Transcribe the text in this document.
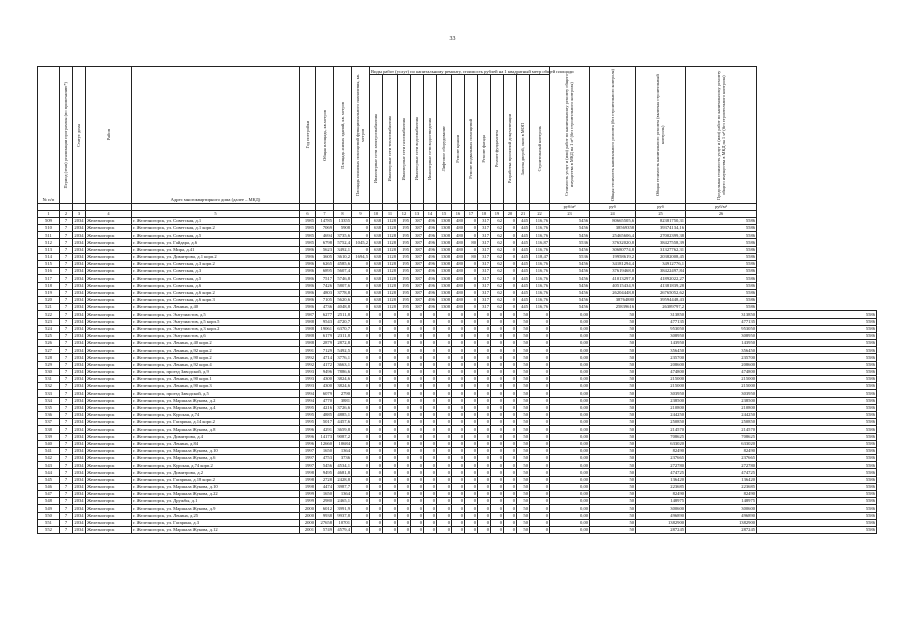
33
№ п/п	Период (этап) реализации программы (по примечанию*)	Статус дома	Район	Адрес многоквартирного дома (далее – МКД)	Год постройки	Общая площадь, кв.метров	Площадь жилых зданий, кв. метров	Площадь нежилых помещений функционального назначения, кв. метров	Виды работ (услуг) по капитальному ремонту, стоимость рублей на 1 квадратный метр общей площади													Стоимость услуг и (или) работ по капитальному ремонту общего имущества в МКД на 1 м² (без строительного контроля)	Общая стоимость капитального ремонта (без строительного контроля)	Общая стоимость капитального ремонта (включая строительный контроль)	Предельная стоимость услуг и (или) работ по капитальному ремонту общего имущества в МКД на 1 м² (без строительного контроля)	

									Инженерные сети электроснабжения	Инженерные сети теплоснабжения	Инженерные сети газоснабжения	Инженерные сети водоснабжения	Инженерные сети водоотведения	Лифтовое оборудование	Ремонт крыши	Ремонт подвальных помещений	Ремонт фасада	Ремонт фундамента	Разработка проектной документации	Замена дверей, окон в МОП	Строительный контроль					

																						руб/м²	руб	руб	руб/м²	
1	2	3	4	5	6	7	8	9	10	11	12	13	14	15	16	17	18	19	20	21	22	23	24	25	26	
509	7	2034	Железногорск	г. Железногорск, ул. Советская, д.1	1985	14785	13355	0	638	1128	195	387	496	1308	480	0	317	62	0	445	116,76	5456	80665505,6	82381750,31	5586	
510	7	2034	Железногорск	г. Железногорск, ул. Советская, д.1 корп.2	1985	7069	5908	0	638	1128	195	387	496	1308	480	0	317	62	0	445	116,76	5456	38569358	39374134,16	5586	
511	7	2034	Железногорск	г. Железногорск, ул. Советская, д.5	1985	4694	3735,6	0	638	1128	195	387	496	1308	480	0	317	62	0	445	116,76	5456	25465606,4	27002399,38	5586	
512	7	2034	Железногорск	г. Железногорск, ул. Гайдара, д.6	1985	6798	5752,4	1045,2	638	1128	195	387	496	1308	480	80	317	62	0	445	116,87	5536	37632020,8	38427558,39	5586	
513	7	2034	Железногорск	г. Железногорск, ул. Мира, д.41	1986	5623	3492,1	0	638	1128	195	387	496	1308	480	0	317	62	0	445	116,76	5456	30680774,8	31327762,31	5586	
514	7	2034	Железногорск	г. Железногорск, ул. Димитрова, д.1 корп.2	1986	3605	3610,2	1694,5	638	1128	195	387	496	1308	480	80	317	62	0	445	118,47	5536	19958619,2	20382008,45	5586	
515	7	2034	Железногорск	г. Железногорск, ул. Советская, д.3 корп.2	1986	6265	4585,6	0	638	1128	195	387	496	1308	480	0	317	62	0	445	116,76	5456	34181294,4	34912776,1	5586	
516	7	2034	Железногорск	г. Железногорск, ул. Советская, д.3	1986	6895	5607,4	0	638	1128	195	387	496	1308	480	0	317	62	0	445	116,76	5456	37619468,8	38422497,84	5586	
517	7	2034	Железногорск	г. Железногорск, ул. Советская, д.5	1986	7517	5746,8	0	638	1128	195	387	496	1308	480	0	317	62	0	445	116,76	5456	41013297,8	41892022,27	5586	
518	7	2034	Железногорск	г. Железногорск, ул. Советская, д.6	1986	7426	5807,6	0	638	1128	195	387	496	1308	480	0	317	62	0	445	116,76	5456	40515434,9	41381839,28	5586	
519	7	2034	Железногорск	г. Железногорск, ул. Советская, д.6 корп.2	1986	4803	3778,8	0	638	1128	195	387	496	1308	480	0	317	62	0	445	116,76	5456	26204448,8	26765052,62	5586	
520	7	2034	Железногорск	г. Железногорск, ул. Советская, д.6 корп.3	1986	7105	5620,6	0	638	1128	195	387	496	1308	480	0	317	62	0	445	116,76	5456	38764880	39594448,43	5586	
521	7	2034	Железногорск	г. Железногорск, ул. Ленина, д.40	1986	4736	4048,8	0	638	1128	195	387	496	1308	480	0	317	62	0	445	116,76	5456	25839616	26389797,2	5586	
522	7	2034	Железногорск	г. Железногорск, ул. Энтузиастов, д.5	1987	6277	2511,8	0	0	0	0	0	0	0	0	0	0	0	0	50	0	0,00	50	313850	313850	5586
523	7	2034	Железногорск	г. Железногорск, ул. Энтузиастов, д.5 корп.5	1988	9543	4720,7	0	0	0	0	0	0	0	0	0	0	0	0	50	0	0,00	50	477135	477135	5586
524	7	2034	Железногорск	г. Железногорск, ул. Энтузиастов, д.3 корп.2	1988	19061	6370,7	0	0	0	0	0	0	0	0	0	0	0	0	50	0	0,00	50	953050	953050	5586
525	7	2034	Железногорск	г. Железногорск, ул. Энтузиастов, д.6	1988	6179	2311,8	0	0	0	0	0	0	0	0	0	0	0	0	50	0	0,00	50	308950	308950	5586
526	7	2034	Железногорск	г. Железногорск, ул. Ленина, д.40 корп.2	1988	2879	2872,8	0	0	0	0	0	0	0	0	0	0	0	0	50	0	0,00	50	143950	143950	5586
527	7	2034	Железногорск	г. Железногорск, ул. Ленина, д.92 корп.2	1991	7129	5492,5	0	0	0	0	0	0	0	0	0	0	0	0	50	0	0,00	50	356450	356450	5586
528	7	2034	Железногорск	г. Железногорск, ул. Ленина, д.90 корп.2	1992	4714	3776,1	0	0	0	0	0	0	0	0	0	0	0	0	50	0	0,00	50	235700	235700	5586
529	7	2034	Железногорск	г. Железногорск, ул. Ленина, д.92 корп.4	1992	4172	3663,1	0	0	0	0	0	0	0	0	0	0	0	0	50	0	0,00	50	208600	208600	5586
530	7	2034	Железногорск	г. Железногорск, проезд Заводской, д.9	1993	9496	7886,6	0	0	0	0	0	0	0	0	0	0	0	0	50	0	0,00	50	474800	474800	5586
531	7	2034	Железногорск	г. Железногорск, ул. Ленина, д.90 корп.1	1993	4300	3824,6	0	0	0	0	0	0	0	0	0	0	0	0	50	0	0,00	50	215000	215000	5586
532	7	2034	Железногорск	г. Железногорск, ул. Ленина, д.90 корп.3	1993	4300	3824,6	0	0	0	0	0	0	0	0	0	0	0	0	50	0	0,00	50	215000	215000	5586
533	7	2034	Железногорск	г. Железногорск, проезд Заводской, д.5	1994	6079	2790	0	0	0	0	0	0	0	0	0	0	0	0	50	0	0,00	50	303950	303950	5586
534	7	2034	Железногорск	г. Железногорск, ул. Маршала Жукова, д.2	1994	4770	3881	0	0	0	0	0	0	0	0	0	0	0	0	50	0	0,00	50	238500	238500	5586
535	7	2034	Железногорск	г. Железногорск, ул. Маршала Жукова, д.4	1995	4216	3726,6	0	0	0	0	0	0	0	0	0	0	0	0	50	0	0,00	50	210800	210800	5586
536	7	2034	Железногорск	г. Железногорск, ул. Курская, д.74	1995	4885	4885,1	0	0	0	0	0	0	0	0	0	0	0	0	50	0	0,00	50	244250	244250	5586
537	7	2034	Железногорск	г. Железногорск, ул. Гагарина, д.14 корп.2	1995	5017	4457,6	0	0	0	0	0	0	0	0	0	0	0	0	50	0	0,00	50	250850	250850	5586
538	7	2034	Железногорск	г. Железногорск, ул. Маршала Жукова, д.8	1996	4291	3659,8	0	0	0	0	0	0	0	0	0	0	0	0	50	0	0,00	50	214570	214570	5586
539	7	2034	Железногорск	г. Железногорск, ул. Димитрова, д.4	1996	14173	9087,2	0	0	0	0	0	0	0	0	0	0	0	0	50	0	0,00	50	708625	708625	5586
540	7	2034	Железногорск	г. Железногорск, ул. Ленина, д.84	1996	12660	10684	0	0	0	0	0	0	0	0	0	0	0	0	50	0	0,00	50	633020	633020	5586
541	7	2034	Железногорск	г. Железногорск, ул. Маршала Жукова, д.10	1997	1650	1364	0	0	0	0	0	0	0	0	0	0	0	0	50	0	0,00	50	82490	82490	5586
542	7	2034	Железногорск	г. Железногорск, ул. Маршала Жукова, д.6	1997	4753	3736	0	0	0	0	0	0	0	0	0	0	0	0	50	0	0,00	50	237665	237665	5586
543	7	2034	Железногорск	г. Железногорск, ул. Курская, д.74 корп.2	1997	5456	4534,1	0	0	0	0	0	0	0	0	0	0	0	0	50	0	0,00	50	272780	272780	5586
544	7	2034	Железногорск	г. Железногорск, ул. Димитрова, д.2	1998	9495	4681,8	0	0	0	0	0	0	0	0	0	0	0	0	50	0	0,00	50	474725	474725	5586
545	7	2034	Железногорск	г. Железногорск, ул. Гагарина, д.18 корп.2	1998	2728	2428,8	0	0	0	0	0	0	0	0	0	0	0	0	50	0	0,00	50	136420	136420	5586
546	7	2034	Железногорск	г. Железногорск, ул. Маршала Жукова, д.10	1998	4474	3987,7	0	0	0	0	0	0	0	0	0	0	0	0	50	0	0,00	50	223685	223685	5586
547	7	2034	Железногорск	г. Железногорск, ул. Маршала Жукова, д.22	1999	1650	1364	0	0	0	0	0	0	0	0	0	0	0	0	50	0	0,00	50	82490	82490	5586
548	7	2034	Железногорск	г. Железногорск, ул. Дружбы, д.1	1999	2980	2465,1	0	0	0	0	0	0	0	0	0	0	0	0	50	0	0,00	50	148975	148975	5586
549	7	2034	Железногорск	г. Железногорск, ул. Маршала Жукова, д.9	2000	6012	3991,9	0	0	0	0	0	0	0	0	0	0	0	0	50	0	0,00	50	300600	300600	5586
550	7	2034	Железногорск	г. Железногорск, ул. Ленина, д.25	2000	9938	9937,8	0	0	0	0	0	0	0	0	0	0	0	0	50	0	0,00	50	496890	496890	5586
551	7	2034	Железногорск	г. Железногорск, ул. Гагарина, д.3	2000	27658	10701	0	0	0	0	0	0	0	0	0	0	0	0	50	0	0,00	50	1382900	1382900	5586
552	7	2034	Железногорск	г. Железногорск, ул. Маршала Жукова, д.12	2001	5749	4579,4	0	0	0	0	0	0	0	0	0	0	0	0	50	0	0,00	50	287245	287245	5586
